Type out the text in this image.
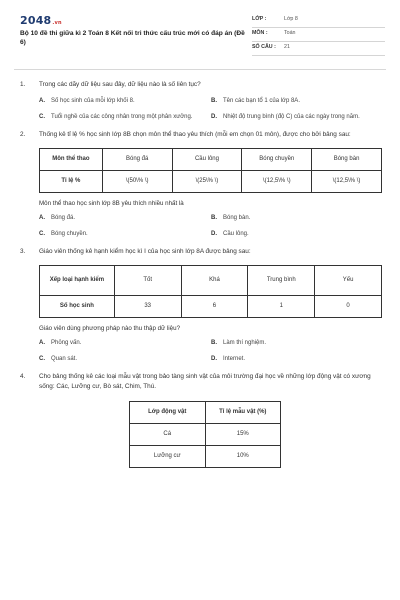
2048.vn
Bộ 10 đề thi giữa kì 2 Toán 8 Kết nối tri thức cấu trúc mới có đáp án (Đề 6)
LỚP :	Lớp 8
MÔN :	Toán
SỐ CÂU :	21
1.	Trong các dãy dữ liệu sau đây, dữ liệu nào là số liên tục?
A.	Số học sinh của mỗi lớp khối 8.	B.	Tên các bạn tổ 1 của lớp 8A.
C.	Tuổi nghề của các công nhân trong một phân xưởng.	D.	Nhiệt độ trung bình (độ C) của các ngày trong năm.
2.	Thống kê tỉ lệ % học sinh lớp 8B chọn môn thể thao yêu thích (mỗi em chọn 01 môn), được cho bởi bảng sau:
Môn thể thao	Bóng đá	Cầu lông	Bóng chuyền	Bóng bàn
Tỉ lệ %	\(50\% \)	\(25\% \)	\(12,5\% \)	\(12,5\% \)
Môn thể thao học sinh lớp 8B yêu thích nhiều nhất là
A.	Bóng đá.	B.	Bóng bàn.
C.	Bóng chuyền.	D.	Cầu lông.
3.	Giáo viên thống kê hạnh kiểm học kì I của học sinh lớp 8A được bảng sau:
Xếp loại hạnh kiểm	Tốt	Khá	Trung bình	Yếu
Số học sinh	33	6	1	0
Giáo viên dùng phương pháp nào thu thập dữ liệu?
A.	Phỏng vấn.	B.	Làm thí nghiệm.
C.	Quan sát.	D.	Internet.
4.	Cho bảng thống kê các loại mẫu vật trong bảo tàng sinh vật của môi trường đại học về những lớp động vật có xương sống: Các, Lưỡng cư, Bò sát, Chim, Thú.
Lớp động vật	Tỉ lệ mẫu vật (%)
Cá	15%
Lưỡng cư	10%
